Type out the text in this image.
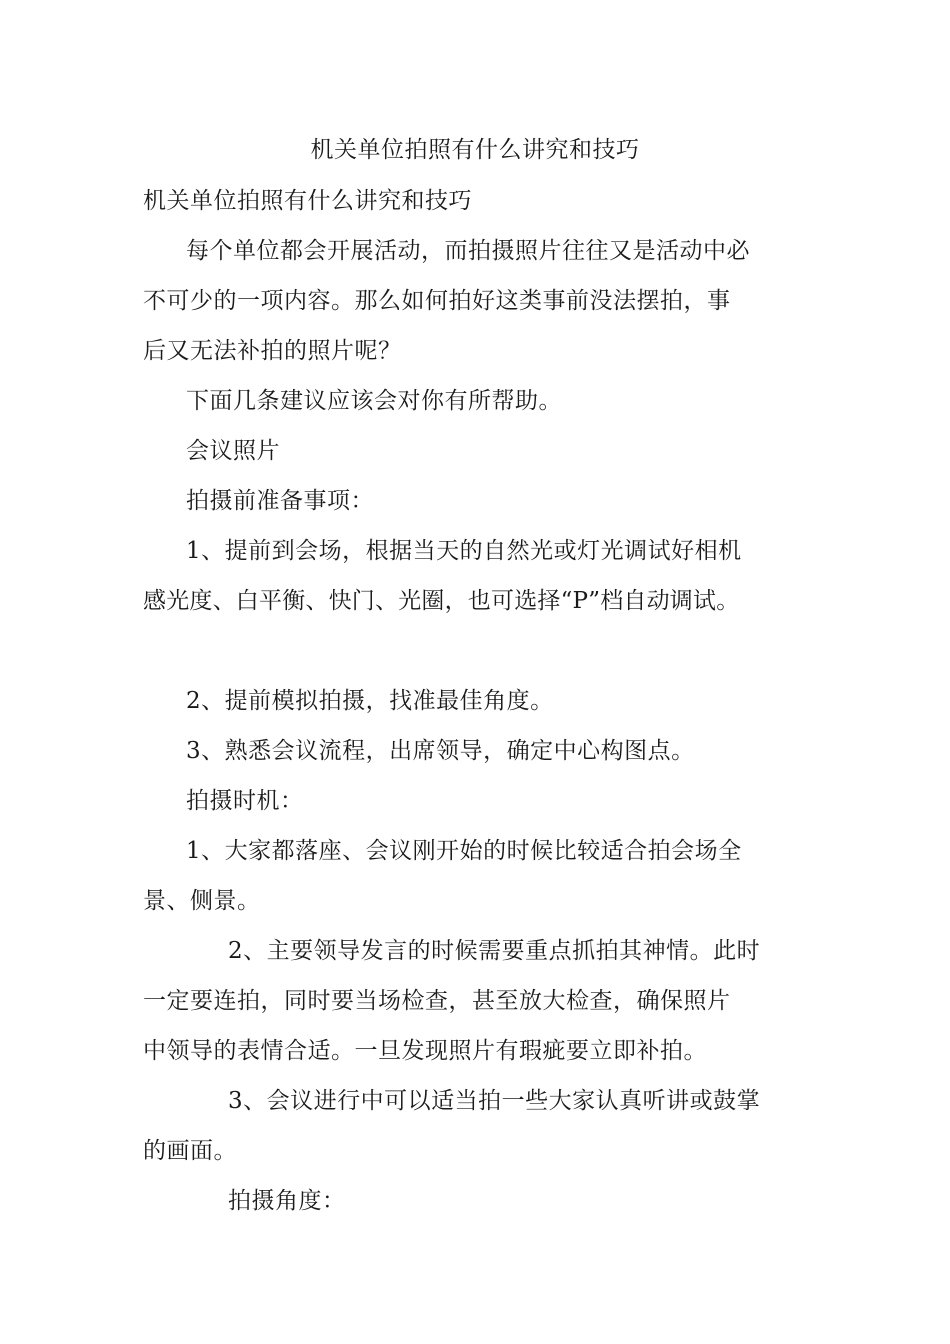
机关单位拍照有什么讲究和技巧
机关单位拍照有什么讲究和技巧
每个单位都会开展活动，而拍摄照片往往又是活动中必
不可少的一项内容。那么如何拍好这类事前没法摆拍，事
后又无法补拍的照片呢？
下面几条建议应该会对你有所帮助。
会议照片
拍摄前准备事项：
1、提前到会场，根据当天的自然光或灯光调试好相机
感光度、白平衡、快门、光圈，也可选择“P”档自动调试。
2、提前模拟拍摄，找准最佳角度。
3、熟悉会议流程，出席领导，确定中心构图点。
拍摄时机：
1、大家都落座、会议刚开始的时候比较适合拍会场全
景、侧景。
2、主要领导发言的时候需要重点抓拍其神情。此时
一定要连拍，同时要当场检查，甚至放大检查，确保照片
中领导的表情合适。一旦发现照片有瑕疵要立即补拍。
3、会议进行中可以适当拍一些大家认真听讲或鼓掌
的画面。
拍摄角度：
